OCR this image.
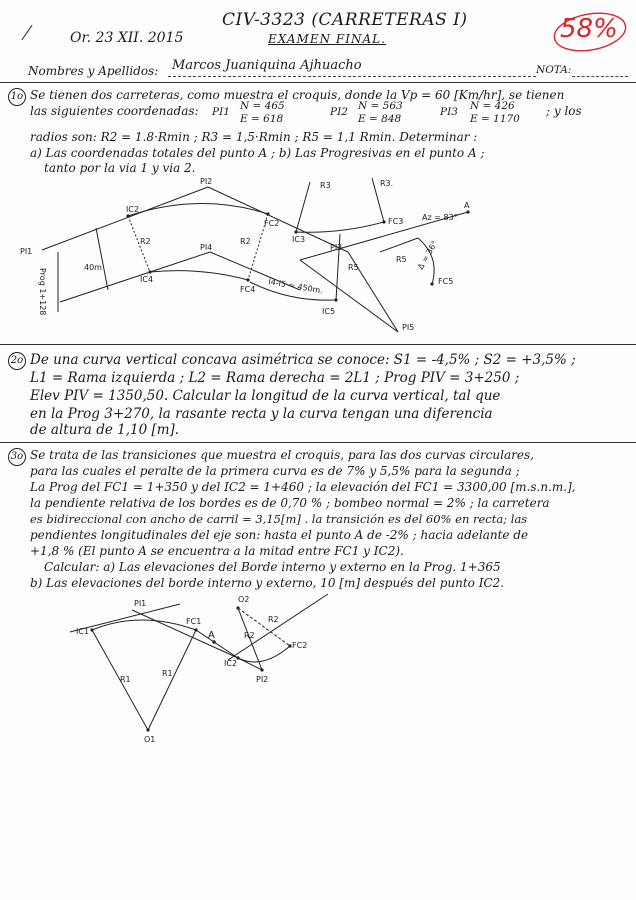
Or. 23 XII. 2015
CIV-3323 (CARRETERAS I)
EXAMEN FINAL.	58%
Nombres y Apellidos: Marcos Juaniquina Ajhuacho	NOTA:
1o Se tienen dos carreteras, como muestra el croquis, donde la Vp = 60 [Km/hr], se tienen
las siguientes coordenadas: PI1 N = 465
E = 618
PI2 N = 563
E = 848
PI3 N = 426
E = 1170
; y los
radios son: R2 = 1.8·Rmin ; R3 = 1,5·Rmin ; R5 = 1,1 Rmin. Determinar :
a) Las coordenadas totales del punto A ; b) Las Progresivas en el punto A ;
tanto por la via 1 y via 2.
PI1
PI2
PI4	PI3
PI5
IC2
FC2
IC3
FC3
IC4
FC4
IC5
FC5
R2	R2
R3	R3.
R5
R5
A
Az = 83°
40m
Prog 1+128	I4-I5 = 450m.
Δ = 36°
2o De una curva vertical concava asimétrica se conoce: S1 = -4,5% ; S2 = +3,5% ;
L1 = Rama izquierda ; L2 = Rama derecha = 2L1 ; Prog PIV = 3+250 ;
Elev PIV = 1350,50. Calcular la longitud de la curva vertical, tal que
en la Prog 3+270, la rasante recta y la curva tengan una diferencia
de altura de 1,10 [m].
3o Se trata de las transiciones que muestra el croquis, para las dos curvas circulares,
para las cuales el peralte de la primera curva es de 7% y 5,5% para la segunda ;
La Prog del FC1 = 1+350 y del IC2 = 1+460 ; la elevación del FC1 = 3300,00 [m.s.n.m.],
la pendiente relativa de los bordes es de 0,70 % ; bombeo normal = 2% ; la carretera
es bidireccional con ancho de carril = 3,15[m] . la transición es del 60% en recta; las
pendientes longitudinales del eje son: hasta el punto A de -2% ; hacia adelante de
+1,8 % (El punto A se encuentra a la mitad entre FC1 y IC2).
Calcular: a) Las elevaciones del Borde interno y externo en la Prog. 1+365
b) Las elevaciones del borde interno y externo, 10 [m] después del punto IC2.
PI1
IC1
FC1
A
IC2
FC2
PI2
O1
O2
R1
R1
R2
R2
